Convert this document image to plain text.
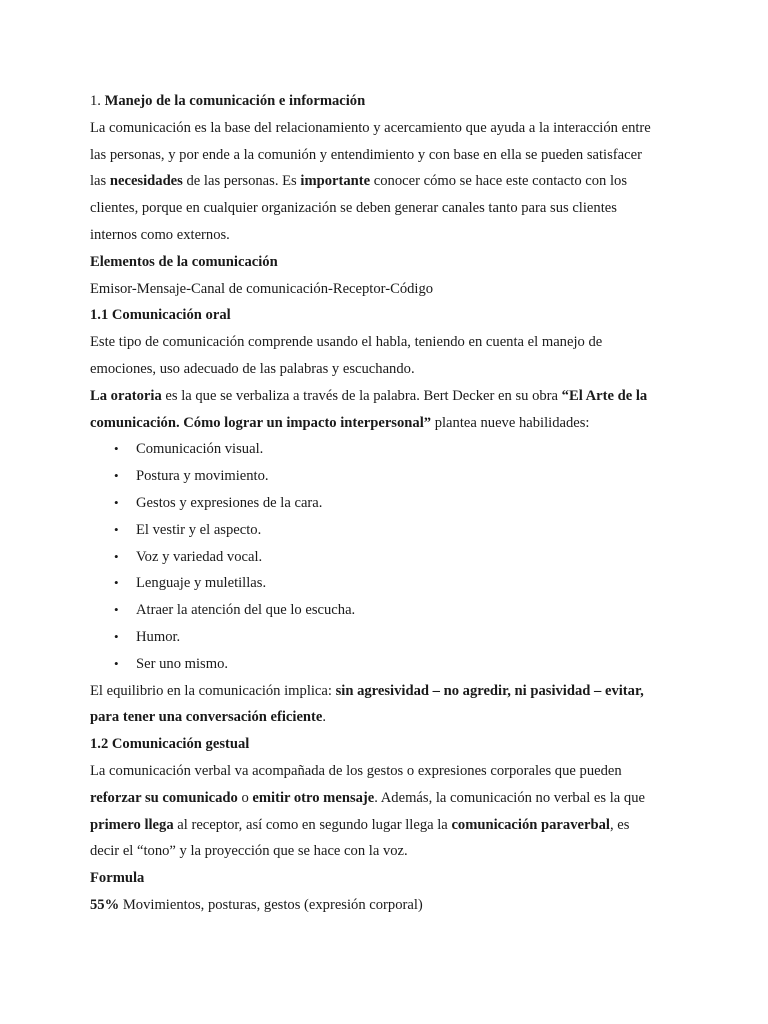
1. Manejo de la comunicación e información
La comunicación es la base del relacionamiento y acercamiento que ayuda a la interacción entre
las personas, y por ende a la comunión y entendimiento y con base en ella se pueden satisfacer
las necesidades de las personas. Es importante conocer cómo se hace este contacto con los
clientes, porque en cualquier organización se deben generar canales tanto para sus clientes
internos como externos.
Elementos de la comunicación
Emisor-Mensaje-Canal de comunicación-Receptor-Código
1.1 Comunicación oral
Este tipo de comunicación comprende usando el habla, teniendo en cuenta el manejo de
emociones, uso adecuado de las palabras y escuchando.
La oratoria es la que se verbaliza a través de la palabra. Bert Decker en su obra “El Arte de la
comunicación. Cómo lograr un impacto interpersonal” plantea nueve habilidades:
• Comunicación visual.
• Postura y movimiento.
• Gestos y expresiones de la cara.
• El vestir y el aspecto.
• Voz y variedad vocal.
• Lenguaje y muletillas.
• Atraer la atención del que lo escucha.
• Humor.
• Ser uno mismo.
El equilibrio en la comunicación implica: sin agresividad – no agredir, ni pasividad – evitar,
para tener una conversación eficiente.
1.2 Comunicación gestual
La comunicación verbal va acompañada de los gestos o expresiones corporales que pueden
reforzar su comunicado o emitir otro mensaje. Además, la comunicación no verbal es la que
primero llega al receptor, así como en segundo lugar llega la comunicación paraverbal, es
decir el “tono” y la proyección que se hace con la voz.
Formula
55% Movimientos, posturas, gestos (expresión corporal)
